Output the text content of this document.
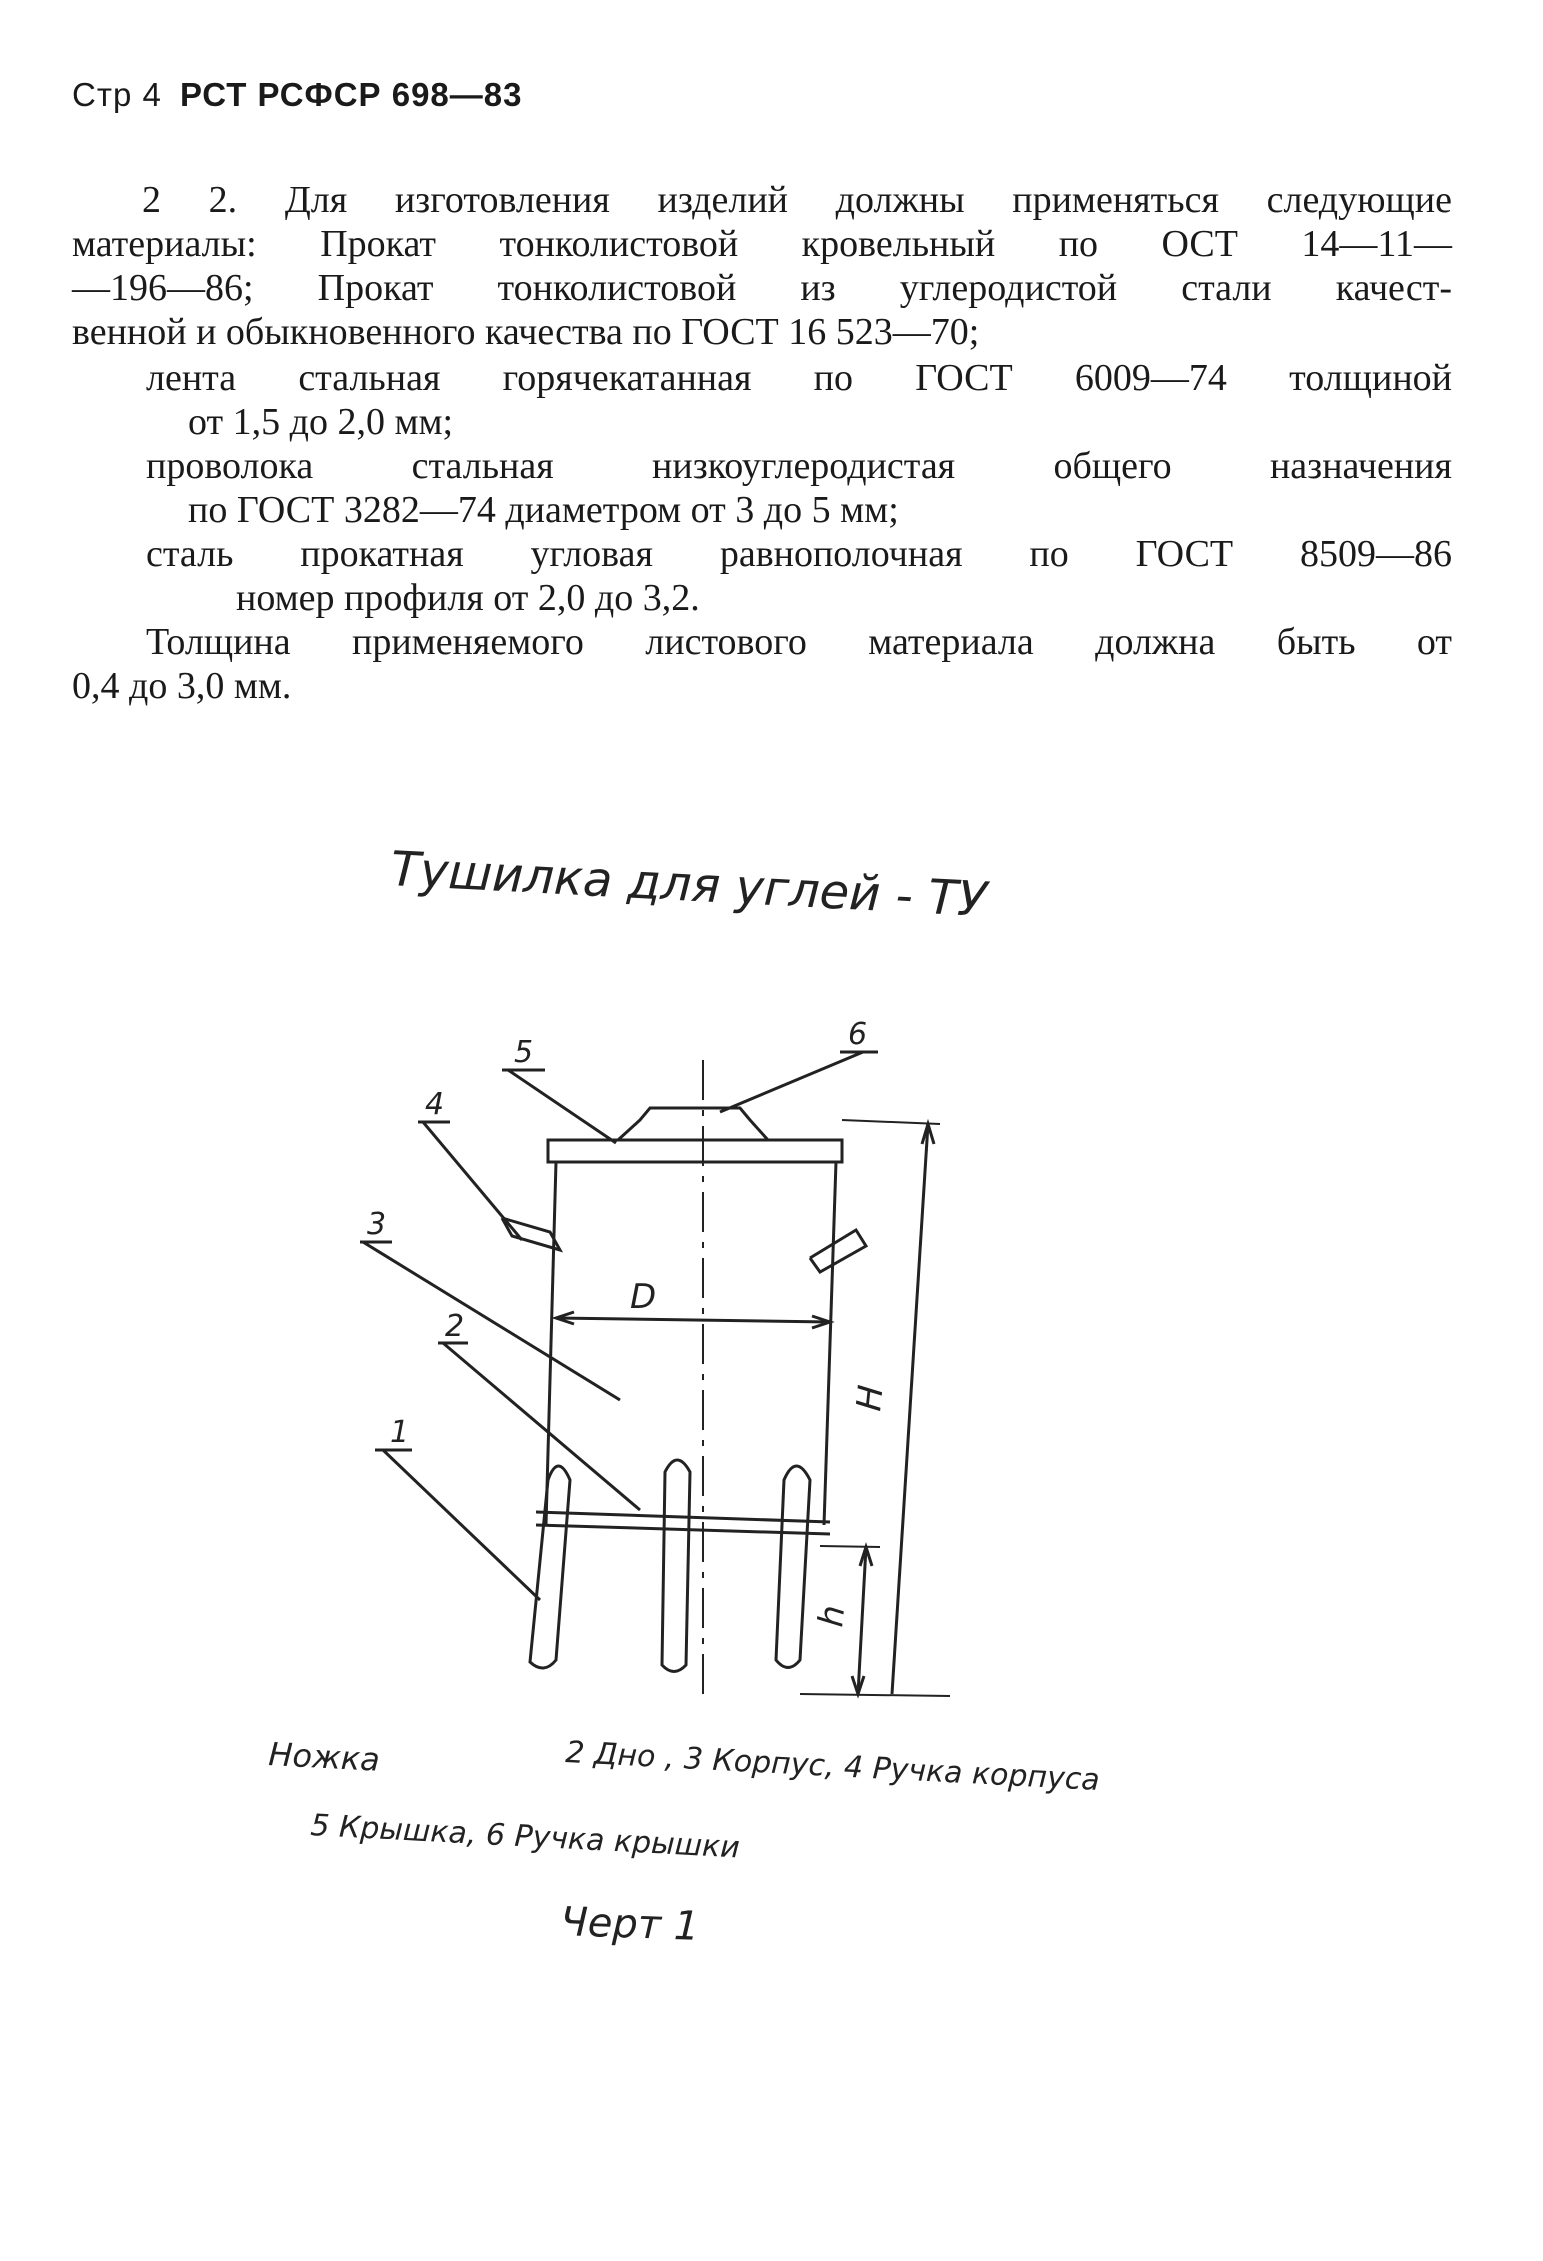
Стр 4 РСТ РСФСР 698—83
2 2. Для изготовления изделий должны применяться следующие
материалы: Прокат тонколистовой кровельный по ОСТ 14—11—
—196—86; Прокат тонколистовой из углеродистой стали качест-
венной и обыкновенного качества по ГОСТ 16 523—70;
лента стальная горячекатанная по ГОСТ 6009—74 толщиной
от 1,5 до 2,0 мм;
проволока стальная низкоуглеродистая общего назначения
по ГОСТ 3282—74 диаметром от 3 до 5 мм;
сталь прокатная угловая равнополочная по ГОСТ 8509—86
номер профиля от 2,0 до 3,2.
Толщина применяемого листового материала должна быть от
0,4 до 3,0 мм.
Тушилка для углей - ТУ
1
2
3
4
5
6
D
H
h
Ножка	2 Дно , 3 Корпус, 4 Ручка корпуса
5 Крышка, 6 Ручка крышки
Черт 1
